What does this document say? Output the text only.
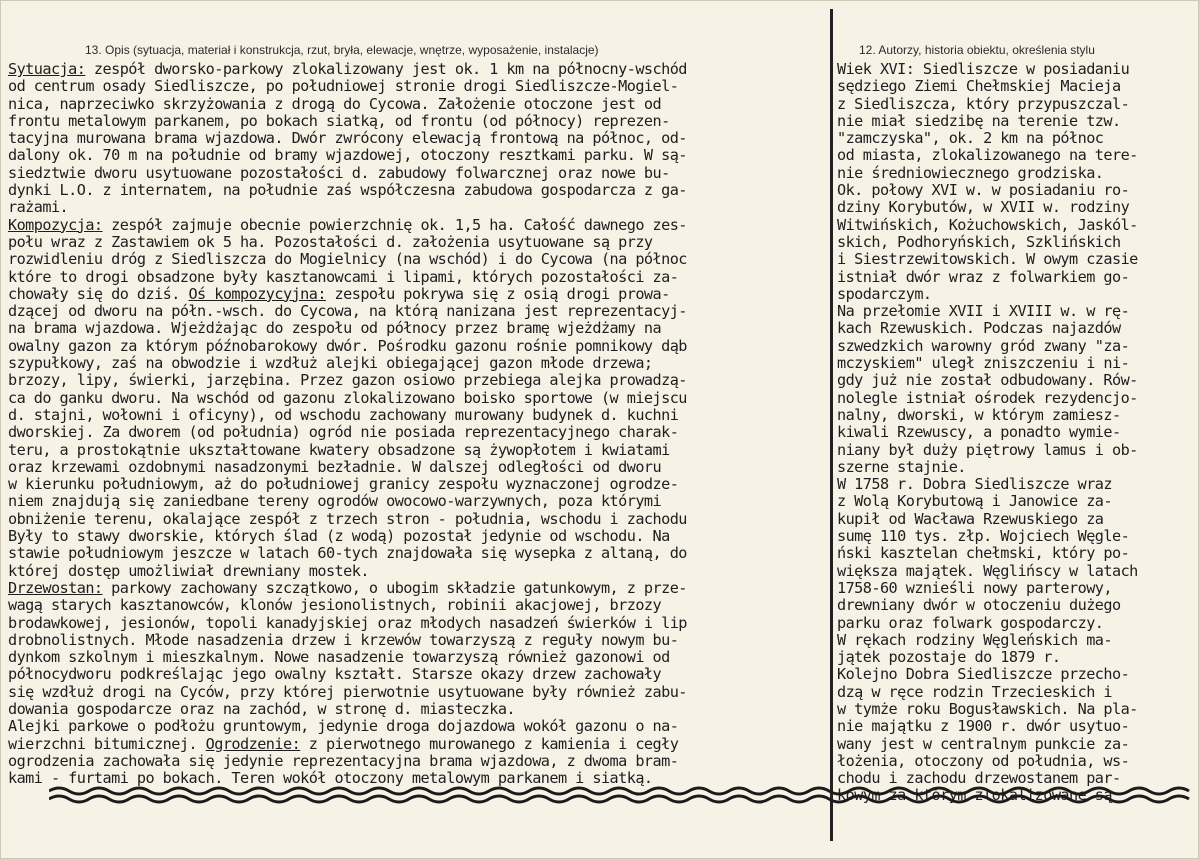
13. Opis (sytuacja, materiał i konstrukcja, rzut, bryła, elewacje, wnętrze, wyposażenie, instalacje)	12. Autorzy, historia obiektu, określenia stylu
Sytuacja: zespół dworsko-parkowy zlokalizowany jest ok. 1 km na północny-wschód
od centrum osady Siedliszcze, po południowej stronie drogi Siedliszcze-Mogiel-
nica, naprzeciwko skrzyżowania z drogą do Cycowa. Założenie otoczone jest od
frontu metalowym parkanem, po bokach siatką, od frontu (od północy) reprezen-
tacyjna murowana brama wjazdowa. Dwór zwrócony elewacją frontową na północ, od-
dalony ok. 70 m na południe od bramy wjazdowej, otoczony resztkami parku. W są-
siedztwie dworu usytuowane pozostałości d. zabudowy folwarcznej oraz nowe bu-
dynki L.O. z internatem, na południe zaś współczesna zabudowa gospodarcza z ga-
rażami.
Kompozycja: zespół zajmuje obecnie powierzchnię ok. 1,5 ha. Całość dawnego zes-
połu wraz z Zastawiem ok 5 ha. Pozostałości d. założenia usytuowane są przy
rozwidleniu dróg z Siedliszcza do Mogielnicy (na wschód) i do Cycowa (na północ
które to drogi obsadzone były kasztanowcami i lipami, których pozostałości za-
chowały się do dziś. Oś kompozycyjna: zespołu pokrywa się z osią drogi prowa-
dzącej od dworu na półn.-wsch. do Cycowa, na którą nanizana jest reprezentacyj-
na brama wjazdowa. Wjeżdżając do zespołu od północy przez bramę wjeżdżamy na
owalny gazon za którym późnobarokowy dwór. Pośrodku gazonu rośnie pomnikowy dąb
szypułkowy, zaś na obwodzie i wzdłuż alejki obiegającej gazon młode drzewa;
brzozy, lipy, świerki, jarzębina. Przez gazon osiowo przebiega alejka prowadzą-
ca do ganku dworu. Na wschód od gazonu zlokalizowano boisko sportowe (w miejscu
d. stajni, wołowni i oficyny), od wschodu zachowany murowany budynek d. kuchni
dworskiej. Za dworem (od południa) ogród nie posiada reprezentacyjnego charak-
teru, a prostokątnie ukształtowane kwatery obsadzone są żywopłotem i kwiatami
oraz krzewami ozdobnymi nasadzonymi bezładnie. W dalszej odległości od dworu
w kierunku południowym, aż do południowej granicy zespołu wyznaczonej ogrodze-
niem znajdują się zaniedbane tereny ogrodów owocowo-warzywnych, poza którymi
obniżenie terenu, okalające zespół z trzech stron - południa, wschodu i zachodu
Były to stawy dworskie, których ślad (z wodą) pozostał jedynie od wschodu. Na
stawie południowym jeszcze w latach 60-tych znajdowała się wysepka z altaną, do
której dostęp umożliwiał drewniany mostek.
Drzewostan: parkowy zachowany szczątkowo, o ubogim składzie gatunkowym, z prze-
wagą starych kasztanowców, klonów jesionolistnych, robinii akacjowej, brzozy
brodawkowej, jesionów, topoli kanadyjskiej oraz młodych nasadzeń świerków i lip
drobnolistnych. Młode nasadzenia drzew i krzewów towarzyszą z reguły nowym bu-
dynkom szkolnym i mieszkalnym. Nowe nasadzenie towarzyszą również gazonowi od
północydworu podkreślając jego owalny kształt. Starsze okazy drzew zachowały
się wzdłuż drogi na Cyców, przy której pierwotnie usytuowane były również zabu-
dowania gospodarcze oraz na zachód, w stronę d. miasteczka.
Alejki parkowe o podłożu gruntowym, jedynie droga dojazdowa wokół gazonu o na-
wierzchni bitumicznej. Ogrodzenie: z pierwotnego murowanego z kamienia i cegły
ogrodzenia zachowała się jedynie reprezentacyjna brama wjazdowa, z dwoma bram-
kami - furtami po bokach. Teren wokół otoczony metalowym parkanem i siatką.
Wiek XVI: Siedliszcze w posiadaniu
sędziego Ziemi Chełmskiej Macieja
z Siedliszcza, który przypuszczal-
nie miał siedzibę na terenie tzw.
"zamczyska", ok. 2 km na północ
od miasta, zlokalizowanego na tere-
nie średniowiecznego grodziska.
Ok. połowy XVI w. w posiadaniu ro-
dziny Korybutów, w XVII w. rodziny
Witwińskich, Kożuchowskich, Jaskól-
skich, Podhoryńskich, Szklińskich
i Siestrzewitowskich. W owym czasie
istniał dwór wraz z folwarkiem go-
spodarczym.
Na przełomie XVII i XVIII w. w rę-
kach Rzewuskich. Podczas najazdów
szwedzkich warowny gród zwany "za-
mczyskiem" uległ zniszczeniu i ni-
gdy już nie został odbudowany. Rów-
nolegle istniał ośrodek rezydencjo-
nalny, dworski, w którym zamiesz-
kiwali Rzewuscy, a ponadto wymie-
niany był duży piętrowy lamus i ob-
szerne stajnie.
W 1758 r. Dobra Siedliszcze wraz
z Wolą Korybutową i Janowice za-
kupił od Wacława Rzewuskiego za
sumę 110 tys. złp. Wojciech Węgle-
ński kasztelan chełmski, który po-
większa majątek. Węglińscy w latach
1758-60 wznieśli nowy parterowy,
drewniany dwór w otoczeniu dużego
parku oraz folwark gospodarczy.
W rękach rodziny Węgleńskich ma-
jątek pozostaje do 1879 r.
Kolejno Dobra Siedliszcze przecho-
dzą w ręce rodzin Trzecieskich i
w tymże roku Bogusławskich. Na pla-
nie majątku z 1900 r. dwór usytuo-
wany jest w centralnym punkcie za-
łożenia, otoczony od południa, ws-
chodu i zachodu drzewostanem par-
kowym za którym zlokalizowane są
